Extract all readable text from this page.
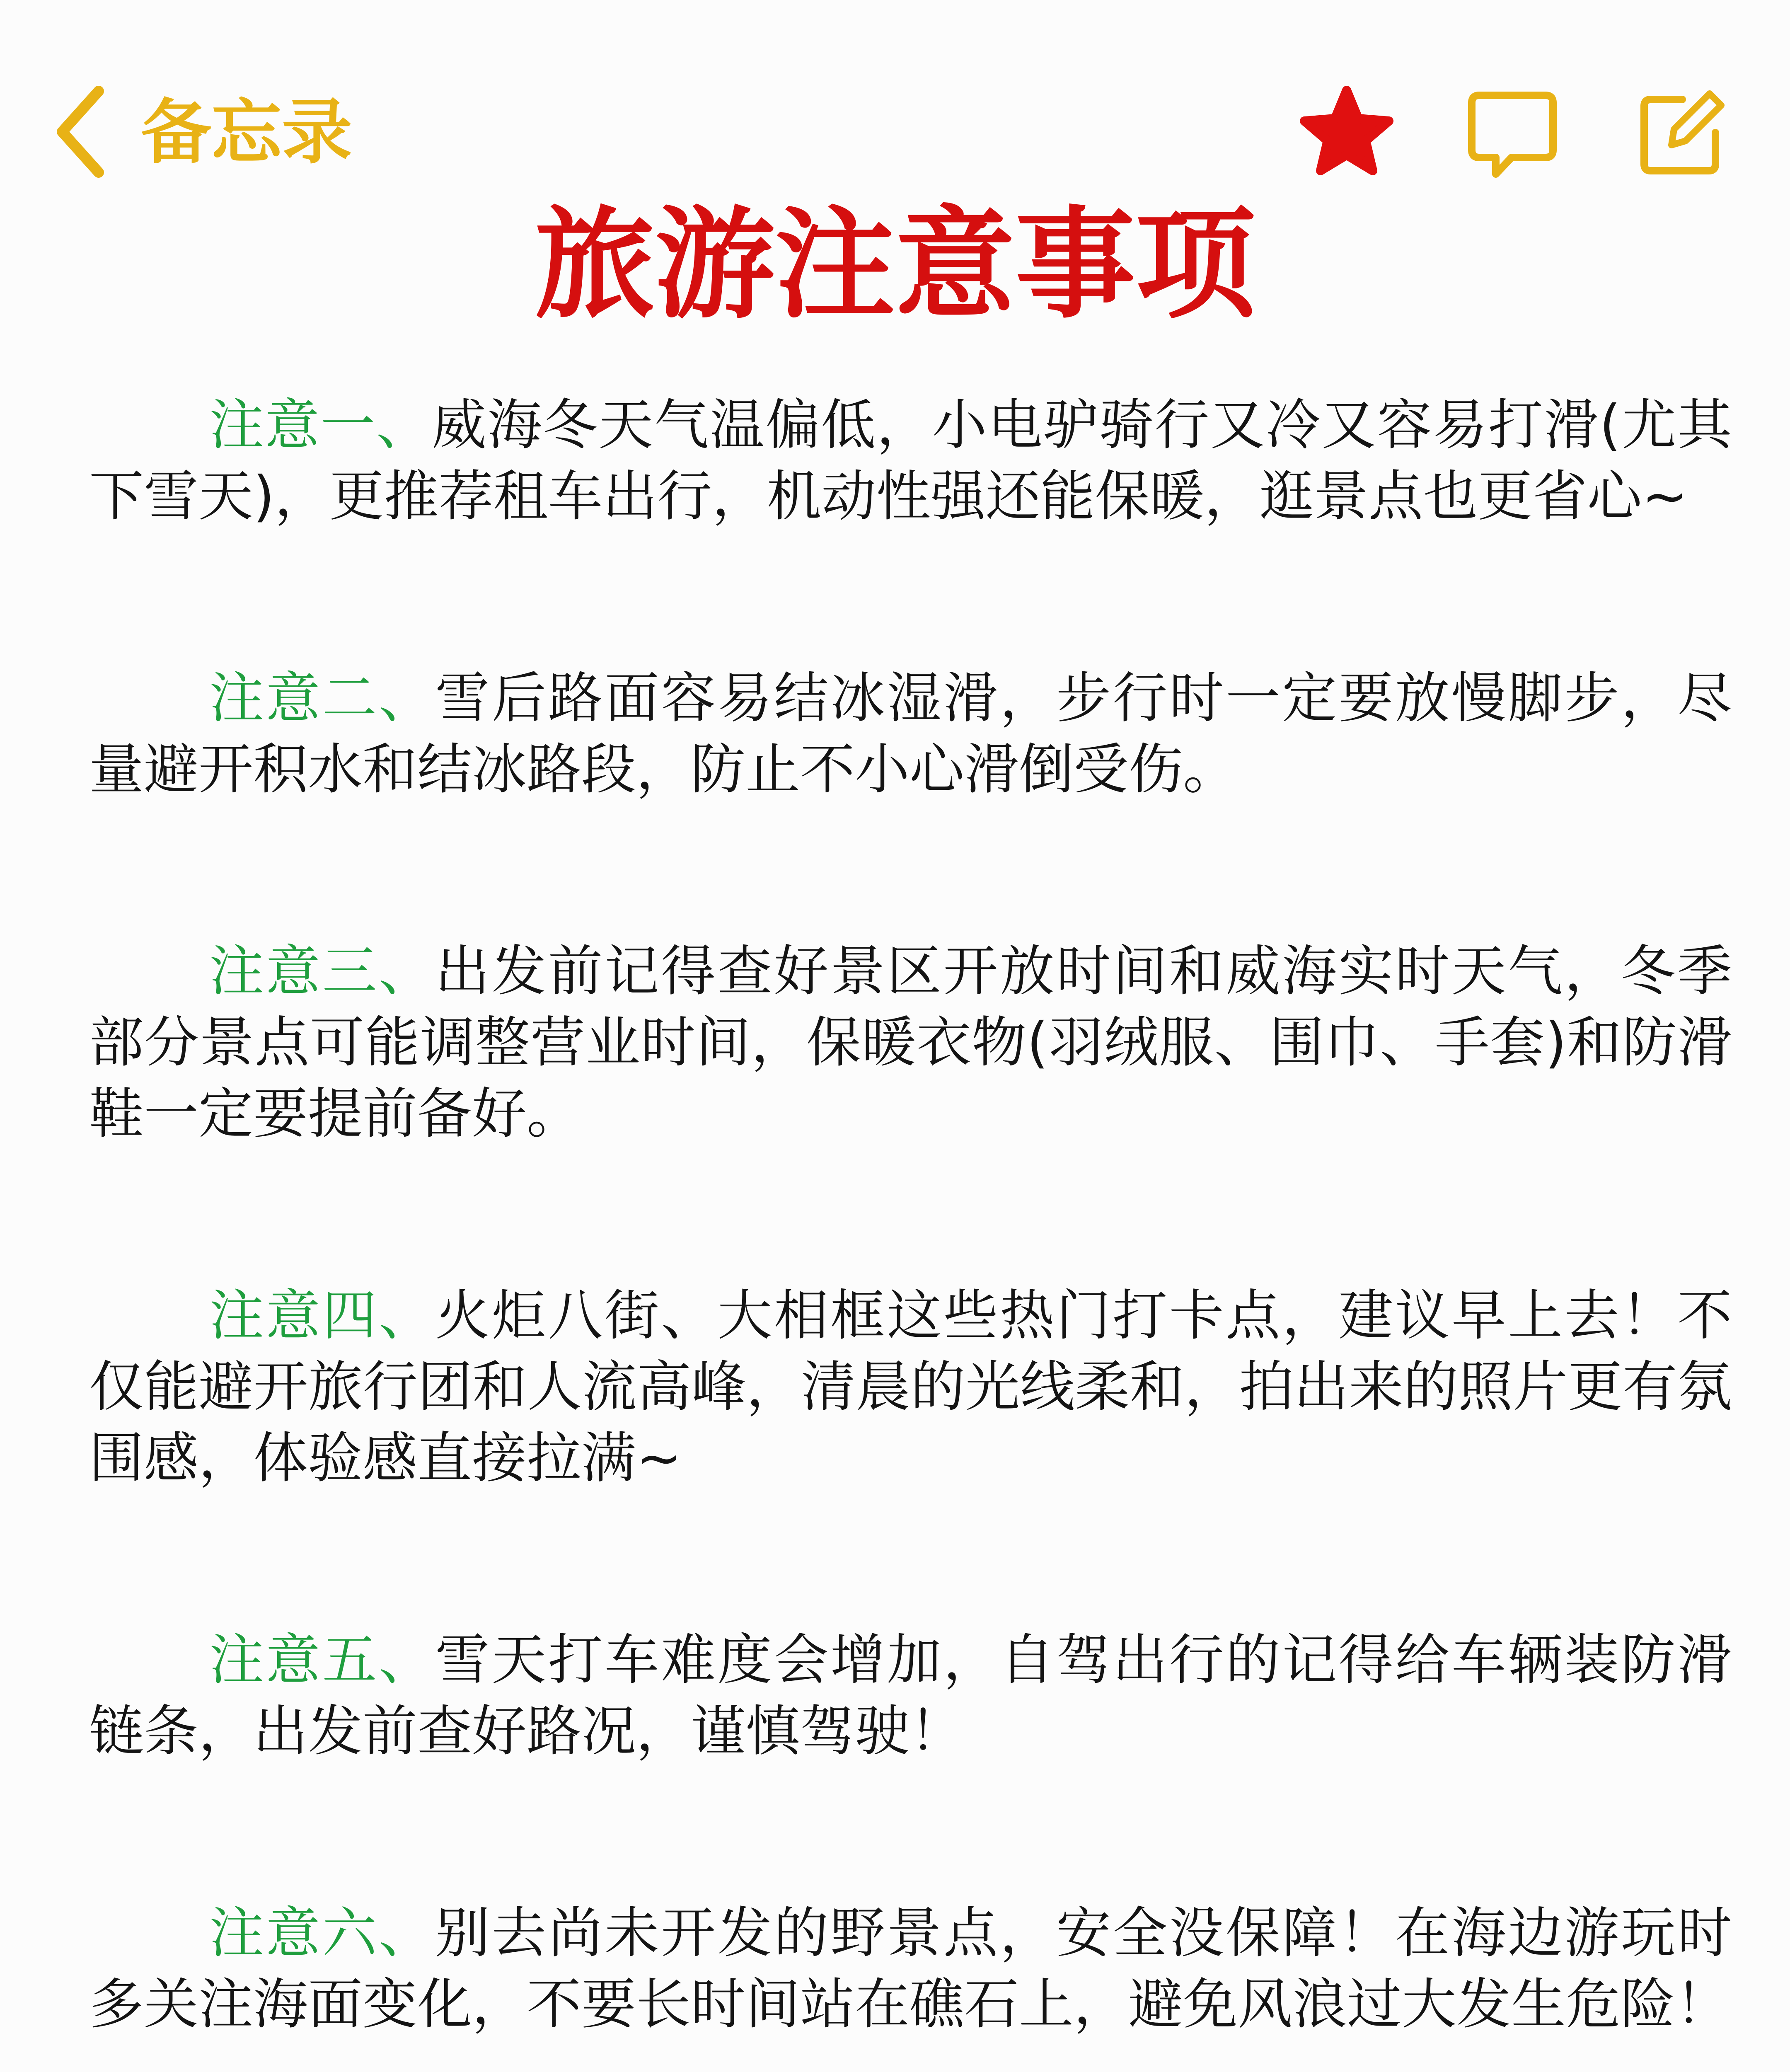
备忘录
旅游注意事项

注意一、威海冬天气温偏低，小电驴骑行又冷又容易打滑(尤其下雪天)，更推荐租车出行，机动性强还能保暖，逛景点也更省心~

注意二、雪后路面容易结冰湿滑，步行时一定要放慢脚步，尽量避开积水和结冰路段，防止不小心滑倒受伤。

注意三、出发前记得查好景区开放时间和威海实时天气，冬季部分景点可能调整营业时间，保暖衣物(羽绒服、围巾、手套)和防滑鞋一定要提前备好。

注意四、火炬八街、大相框这些热门打卡点，建议早上去！不仅能避开旅行团和人流高峰，清晨的光线柔和，拍出来的照片更有氛围感，体验感直接拉满~

注意五、雪天打车难度会增加，自驾出行的记得给车辆装防滑链条，出发前查好路况，谨慎驾驶！

注意六、别去尚未开发的野景点，安全没保障！在海边游玩时多关注海面变化，不要长时间站在礁石上，避免风浪过大发生危险！
